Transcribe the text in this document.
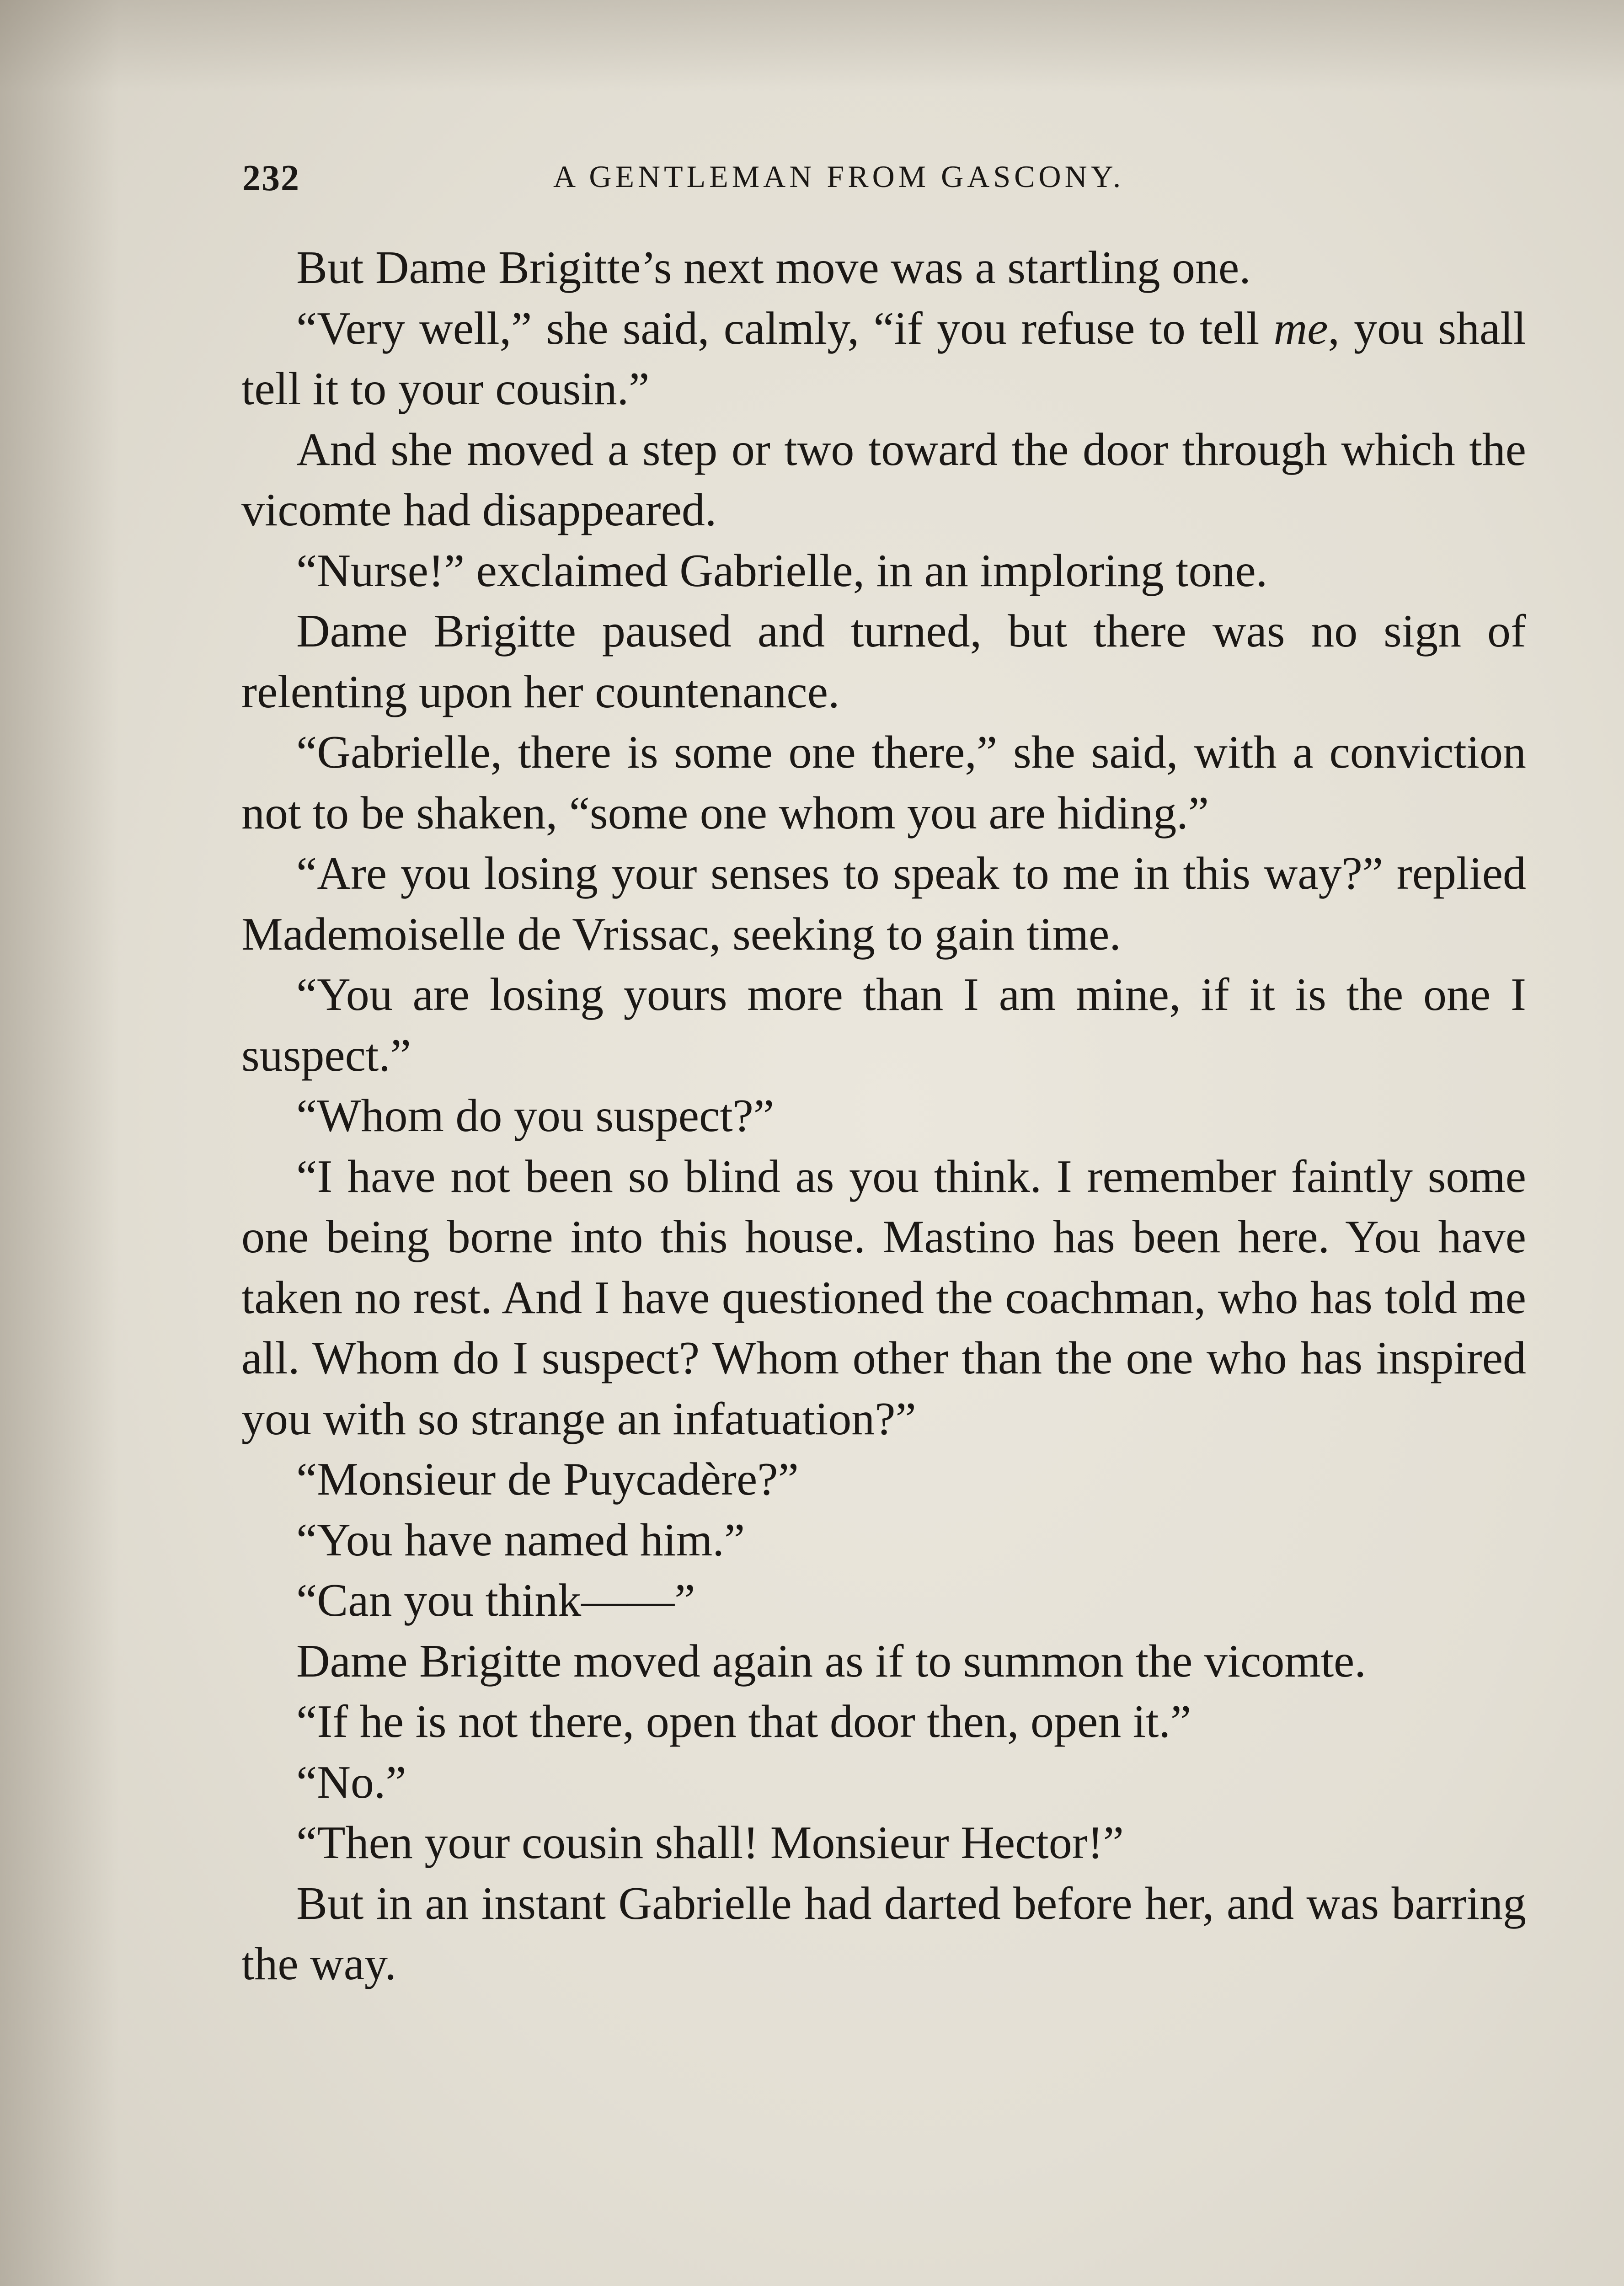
232	A GENTLEMAN FROM GASCONY.

But Dame Brigitte’s next move was a startling one.

“Very well,” she said, calmly, “if you refuse to tell me, you shall tell it to your cousin.”

And she moved a step or two toward the door through which the vicomte had disappeared.

“Nurse!” exclaimed Gabrielle, in an imploring tone.

Dame Brigitte paused and turned, but there was no sign of relenting upon her countenance.

“Gabrielle, there is some one there,” she said, with a conviction not to be shaken, “some one whom you are hiding.”

“Are you losing your senses to speak to me in this way?” replied Mademoiselle de Vrissac, seeking to gain time.

“You are losing yours more than I am mine, if it is the one I suspect.”

“Whom do you suspect?”

“I have not been so blind as you think. I remember faintly some one being borne into this house. Mastino has been here. You have taken no rest. And I have questioned the coachman, who has told me all. Whom do I suspect? Whom other than the one who has inspired you with so strange an infatuation?”

“Monsieur de Puycadère?”

“You have named him.”

“Can you think——”

Dame Brigitte moved again as if to summon the vicomte.

“If he is not there, open that door then, open it.”

“No.”

“Then your cousin shall! Monsieur Hector!”

But in an instant Gabrielle had darted before her, and was barring the way.
